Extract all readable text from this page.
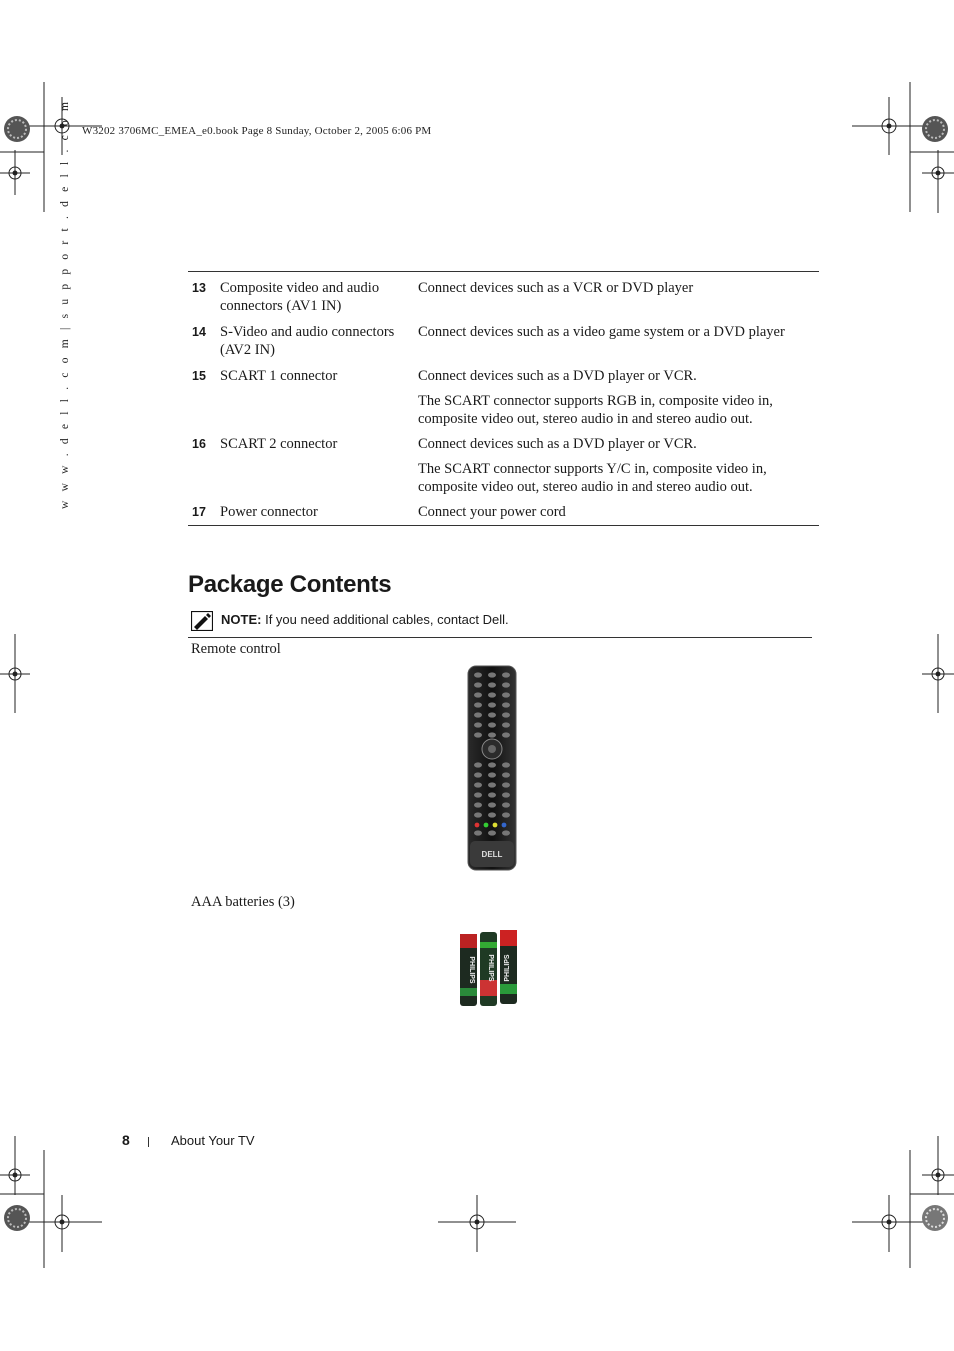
W3202 3706MC_EMEA_e0.book Page 8 Sunday, October 2, 2005 6:06 PM
w w w . d e l l . c o m | s u p p o r t . d e l l . c o m	13	Composite video and audio connectors (AV1 IN)	Connect devices such as a VCR or DVD player
14	S-Video and audio connectors (AV2 IN)	Connect devices such as a video game system or a DVD player
15	SCART 1 connector	Connect devices such as a DVD player or VCR.
		The SCART connector supports RGB in, composite video in, composite video out, stereo audio in and stereo audio out.
16	SCART 2 connector	Connect devices such as a DVD player or VCR.
		The SCART connector supports Y/C in, composite video in, composite video out, stereo audio in and stereo audio out.
17	Power connector	Connect your power cord
Package Contents
NOTE: If you need additional cables, contact Dell.
Remote control
DELL
AAA batteries (3)
PHILIPS PHILIPS PHILIPS
8	About Your TV
